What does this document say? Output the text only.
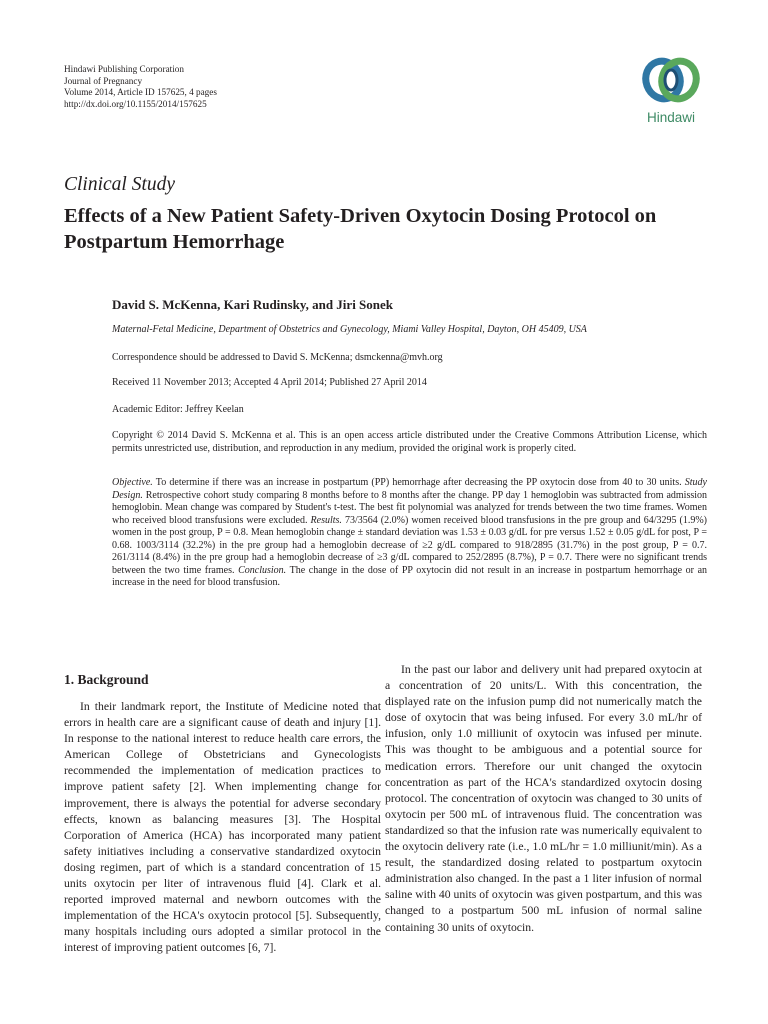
Hindawi Publishing Corporation
Journal of Pregnancy
Volume 2014, Article ID 157625, 4 pages
http://dx.doi.org/10.1155/2014/157625
Hindawi
Clinical Study
Effects of a New Patient Safety-Driven Oxytocin Dosing Protocol on Postpartum Hemorrhage
David S. McKenna, Kari Rudinsky, and Jiri Sonek
Maternal-Fetal Medicine, Department of Obstetrics and Gynecology, Miami Valley Hospital, Dayton, OH 45409, USA
Correspondence should be addressed to David S. McKenna; dsmckenna@mvh.org
Received 11 November 2013; Accepted 4 April 2014; Published 27 April 2014
Academic Editor: Jeffrey Keelan
Copyright © 2014 David S. McKenna et al. This is an open access article distributed under the Creative Commons Attribution License, which permits unrestricted use, distribution, and reproduction in any medium, provided the original work is properly cited.
Objective. To determine if there was an increase in postpartum (PP) hemorrhage after decreasing the PP oxytocin dose from 40 to 30 units. Study Design. Retrospective cohort study comparing 8 months before to 8 months after the change. PP day 1 hemoglobin was subtracted from admission hemoglobin. Mean change was compared by Student's t-test. The best fit polynomial was analyzed for trends between the two time frames. Women who received blood transfusions were excluded. Results. 73/3564 (2.0%) women received blood transfusions in the pre group and 64/3295 (1.9%) women in the post group, P = 0.8. Mean hemoglobin change ± standard deviation was 1.53 ± 0.03 g/dL for pre versus 1.52 ± 0.05 g/dL for post, P = 0.68. 1003/3114 (32.2%) in the pre group had a hemoglobin decrease of ≥2 g/dL compared to 918/2895 (31.7%) in the post group, P = 0.7. 261/3114 (8.4%) in the pre group had a hemoglobin decrease of ≥3 g/dL compared to 252/2895 (8.7%), P = 0.7. There were no significant trends between the two time frames. Conclusion. The change in the dose of PP oxytocin did not result in an increase in postpartum hemorrhage or an increase in the need for blood transfusion.
1. Background

In their landmark report, the Institute of Medicine noted that errors in health care are a significant cause of death and injury [1]. In response to the national interest to reduce health care errors, the American College of Obstetricians and Gynecologists recommended the implementation of medication practices to improve patient safety [2]. When implementing change for improvement, there is always the potential for adverse secondary effects, known as balancing measures [3]. The Hospital Corporation of America (HCA) has incorporated many patient safety initiatives including a conservative standardized oxytocin dosing regimen, part of which is a standard concentration of 15 units oxytocin per liter of intravenous fluid [4]. Clark et al. reported improved maternal and newborn outcomes with the implementation of the HCA's oxytocin protocol [5]. Subsequently, many hospitals including ours adopted a similar protocol in the interest of improving patient outcomes [6, 7].

In the past our labor and delivery unit had prepared oxytocin at a concentration of 20 units/L. With this concentration, the displayed rate on the infusion pump did not numerically match the dose of oxytocin that was being infused. For every 3.0 mL/hr of infusion, only 1.0 milliunit of oxytocin was infused per minute. This was thought to be ambiguous and a potential source for medication errors. Therefore our unit changed the oxytocin concentration as part of the HCA's standardized oxytocin dosing protocol. The concentration of oxytocin was changed to 30 units of oxytocin per 500 mL of intravenous fluid. The concentration was standardized so that the infusion rate was numerically equivalent to the oxytocin delivery rate (i.e., 1.0 mL/hr = 1.0 milliunit/min). As a result, the standardized dosing related to postpartum oxytocin administration also changed. In the past a 1 liter infusion of normal saline with 40 units of oxytocin was given postpartum, and this was changed to a postpartum 500 mL infusion of normal saline containing 30 units of oxytocin.
